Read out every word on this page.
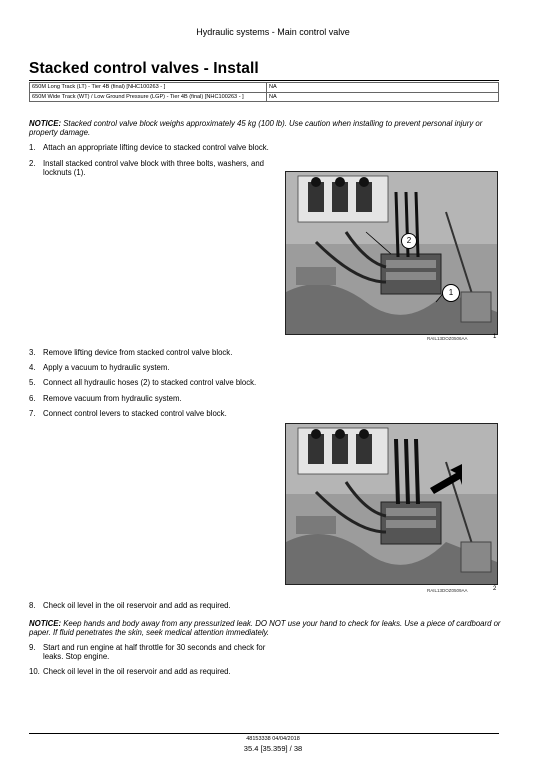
Hydraulic systems - Main control valve
Stacked control valves - Install
650M Long Track (LT) - Tier 4B (final) [NHC100263 - ]	NA
650M Wide Track (WT) / Low Ground Pressure (LGP) - Tier 4B (final) [NHC100263 - ]	NA
NOTICE: Stacked control valve block weighs approximately 45 kg (100 lb). Use caution when installing to prevent personal injury or property damage.
1. Attach an appropriate lifting device to stacked control valve block.
2. Install stacked control valve block with three bolts, washers, and locknuts (1).
2
1
RAIL13DOZ0506AA	1
3. Remove lifting device from stacked control valve block.
4. Apply a vacuum to hydraulic system.
5. Connect all hydraulic hoses (2) to stacked control valve block.
6. Remove vacuum from hydraulic system.
7. Connect control levers to stacked control valve block.
RAIL13DOZ0509AA	2
8. Check oil level in the oil reservoir and add as required.
NOTICE: Keep hands and body away from any pressurized leak. DO NOT use your hand to check for leaks. Use a piece of cardboard or paper. If fluid penetrates the skin, seek medical attention immediately.
9. Start and run engine at half throttle for 30 seconds and check for leaks. Stop engine.
10. Check oil level in the oil reservoir and add as required.
48153338 04/04/2018
35.4 [35.359] / 38
